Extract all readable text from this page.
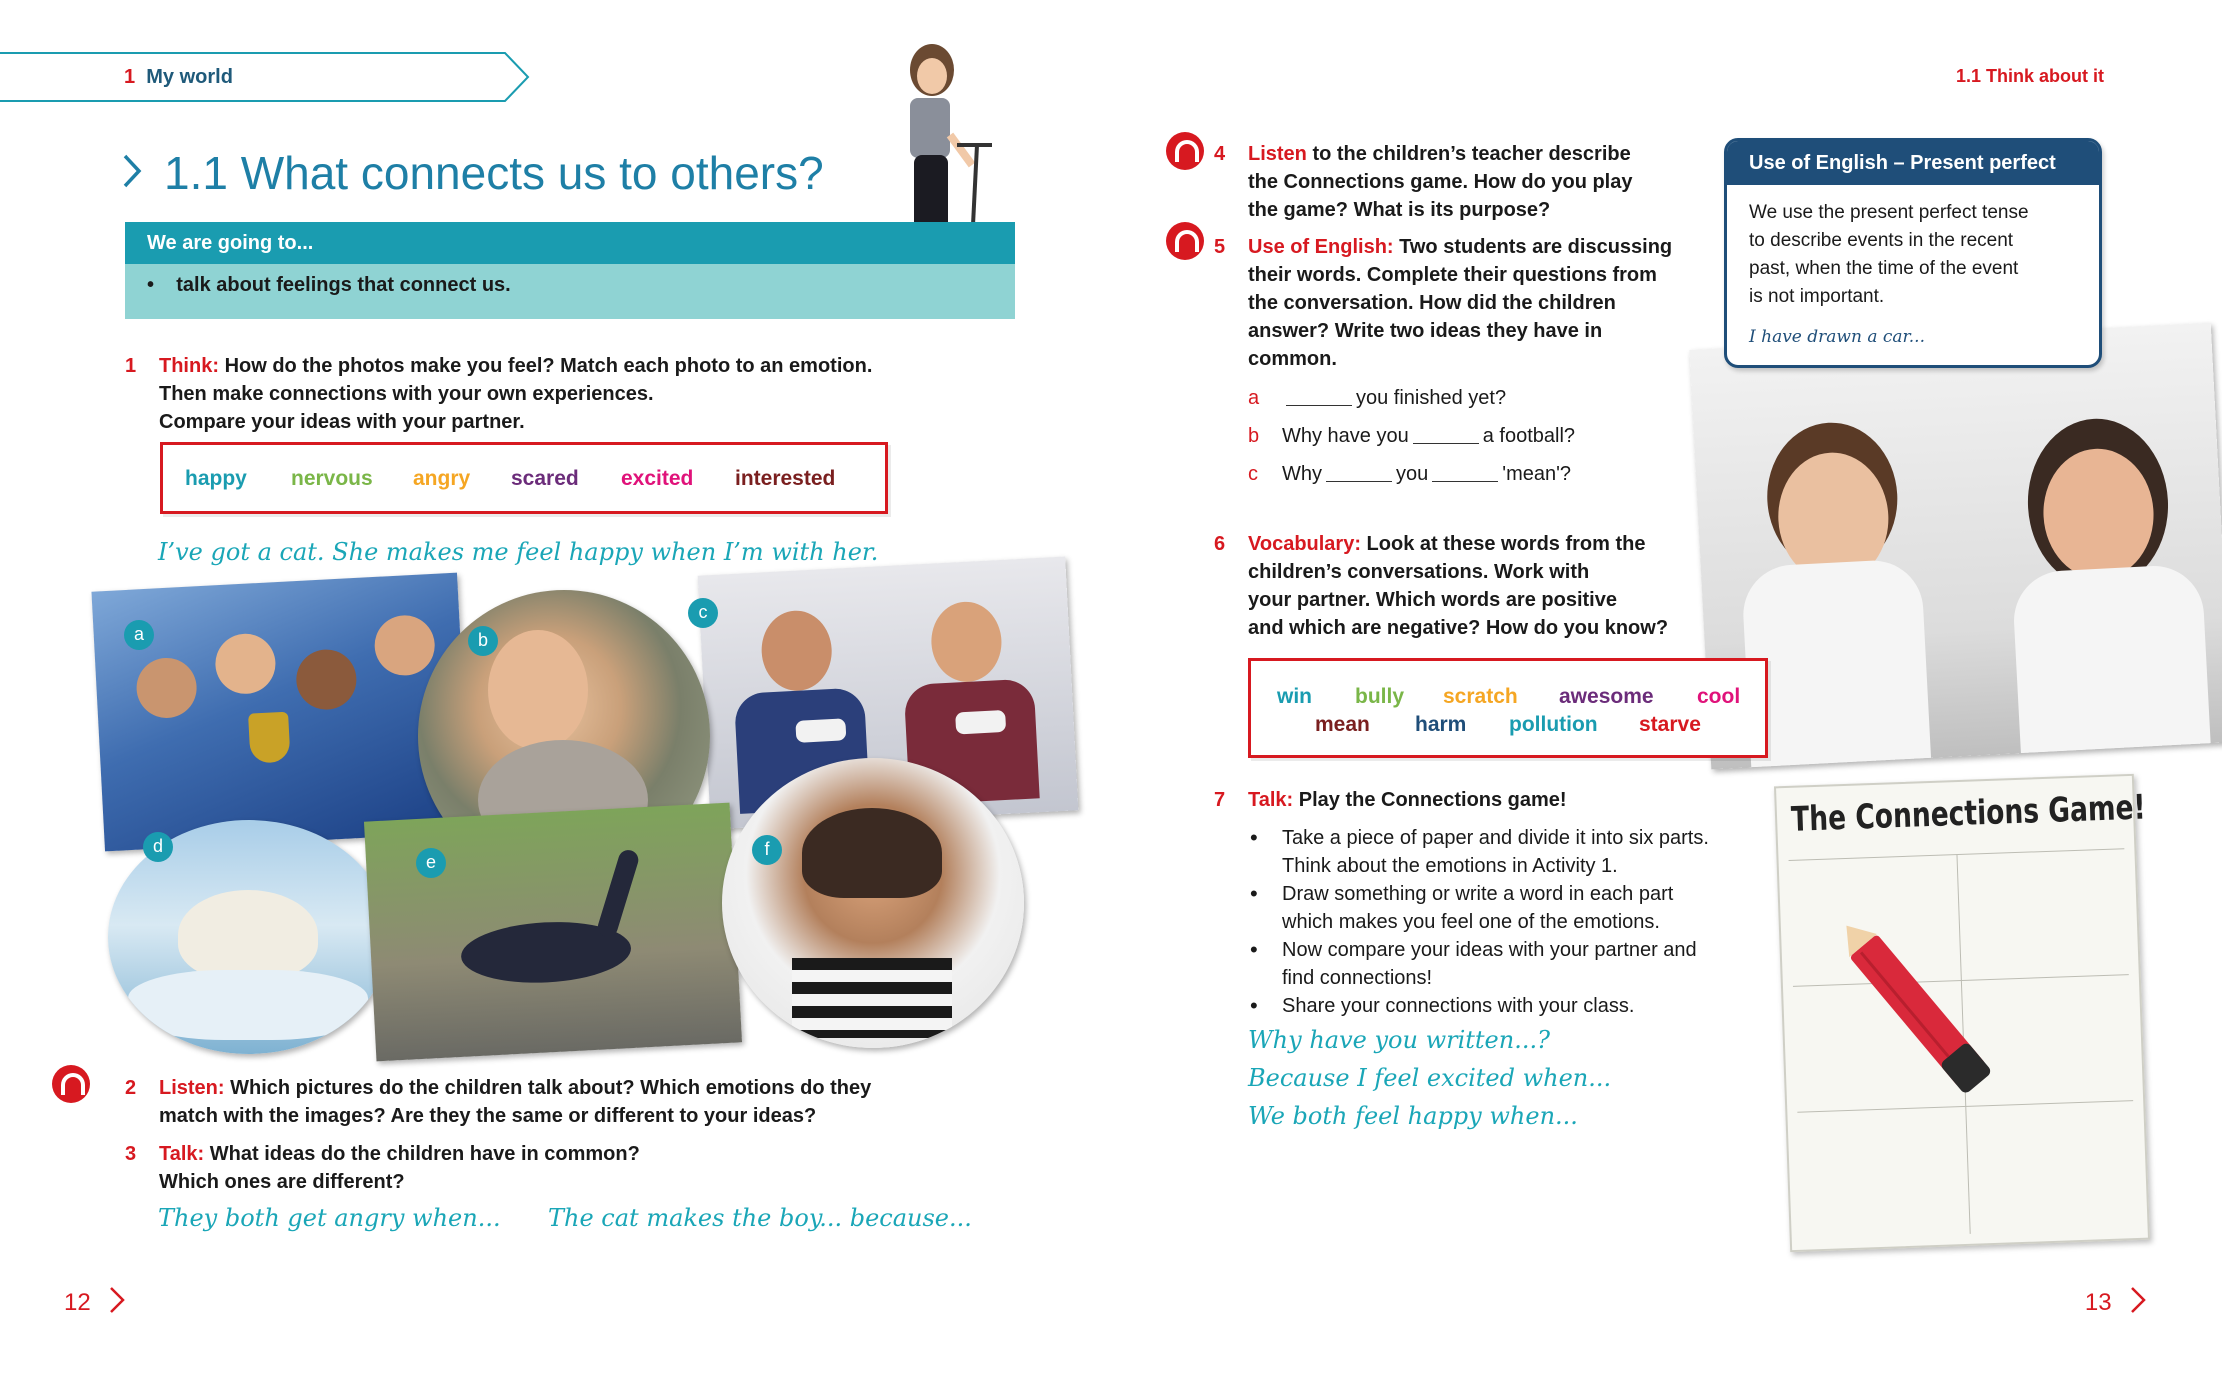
1 My world
1.1 What connects us to others?
We are going to...
•    talk about feelings that connect us.
1 Think: How do the photos make you feel? Match each photo to an emotion.
Then make connections with your own experiences.
Compare your ideas with your partner.
happy nervous angry scared excited interested
I’ve got a cat. She makes me feel happy when I’m with her.
a
c
b
d
e
f
2 Listen: Which pictures do the children talk about? Which emotions do they
match with the images? Are they the same or different to your ideas?
3 Talk: What ideas do the children have in common?
Which ones are different?
They both get angry when... The cat makes the boy... because...
12
1.1 Think about it
4 Listen to the children’s teacher describe
the Connections game. How do you play
the game? What is its purpose?
5 Use of English: Two students are discussing
their words. Complete their questions from
the conversation. How did the children
answer? Write two ideas they have in
common.
a	you finished yet?
b Why have you	a football?
c Why	you	'mean'?
Use of English – Present perfect
We use the present perfect tense
to describe events in the recent
past, when the time of the event
is not important.
I have drawn a car...
6 Vocabulary: Look at these words from the
children’s conversations. Work with
your partner. Which words are positive
and which are negative? How do you know?
win bully scratch awesome cool
mean harm pollution starve
7 Talk: Play the Connections game!
• Take a piece of paper and divide it into six parts.
Think about the emotions in Activity 1.
• Draw something or write a word in each part
which makes you feel one of the emotions.
• Now compare your ideas with your partner and
find connections!
• Share your connections with your class.
Why have you written...?
Because I feel excited when...
We both feel happy when...
The Connections Game!
13
